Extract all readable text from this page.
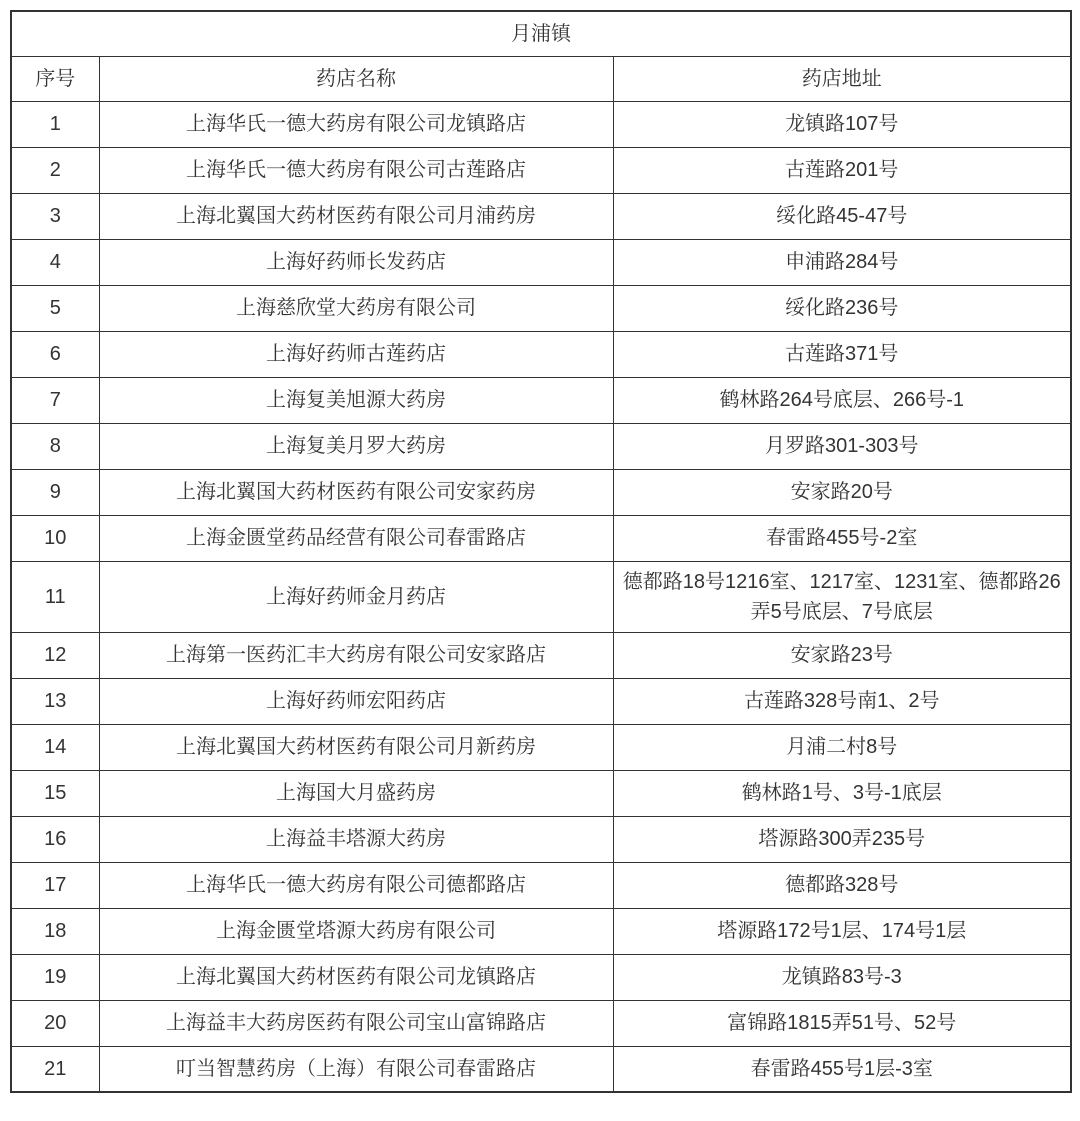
月浦镇		
序号	药店名称	药店地址
1	上海华氏一德大药房有限公司龙镇路店	龙镇路107号
2	上海华氏一德大药房有限公司古莲路店	古莲路201号
3	上海北翼国大药材医药有限公司月浦药房	绥化路45-47号
4	上海好药师长发药店	申浦路284号
5	上海慈欣堂大药房有限公司	绥化路236号
6	上海好药师古莲药店	古莲路371号
7	上海复美旭源大药房	鹤林路264号底层、266号-1
8	上海复美月罗大药房	月罗路301-303号
9	上海北翼国大药材医药有限公司安家药房	安家路20号
10	上海金匮堂药品经营有限公司春雷路店	春雷路455号-2室
11	上海好药师金月药店	德都路18号1216室、1217室、1231室、德都路26弄5号底层、7号底层
12	上海第一医药汇丰大药房有限公司安家路店	安家路23号
13	上海好药师宏阳药店	古莲路328号南1、2号
14	上海北翼国大药材医药有限公司月新药房	月浦二村8号
15	上海国大月盛药房	鹤林路1号、3号-1底层
16	上海益丰塔源大药房	塔源路300弄235号
17	上海华氏一德大药房有限公司德都路店	德都路328号
18	上海金匮堂塔源大药房有限公司	塔源路172号1层、174号1层
19	上海北翼国大药材医药有限公司龙镇路店	龙镇路83号-3
20	上海益丰大药房医药有限公司宝山富锦路店	富锦路1815弄51号、52号
21	叮当智慧药房（上海）有限公司春雷路店	春雷路455号1层-3室
